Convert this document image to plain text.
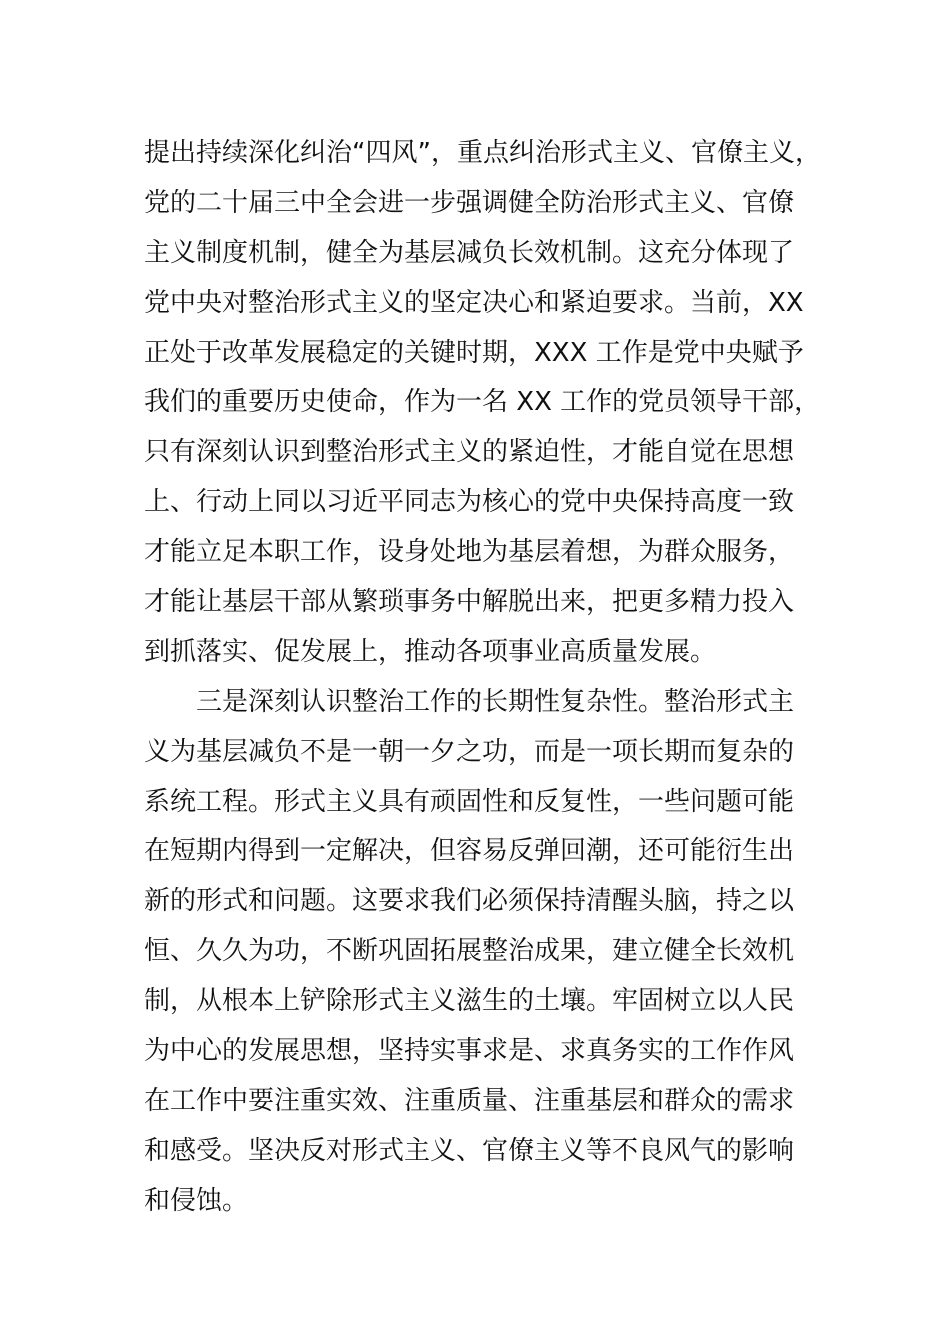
提出持续深化纠治“四风”，重点纠治形式主义、官僚主义，
党的二十届三中全会进一步强调健全防治形式主义、官僚
主义制度机制，健全为基层减负长效机制。这充分体现了
党中央对整治形式主义的坚定决心和紧迫要求。当前，XX
正处于改革发展稳定的关键时期，XXX 工作是党中央赋予
我们的重要历史使命，作为一名 XX 工作的党员领导干部，
只有深刻认识到整治形式主义的紧迫性，才能自觉在思想
上、行动上同以习近平同志为核心的党中央保持高度一致
才能立足本职工作，设身处地为基层着想，为群众服务，
才能让基层干部从繁琐事务中解脱出来，把更多精力投入
到抓落实、促发展上，推动各项事业高质量发展。
三是深刻认识整治工作的长期性复杂性。整治形式主
义为基层减负不是一朝一夕之功，而是一项长期而复杂的
系统工程。形式主义具有顽固性和反复性，一些问题可能
在短期内得到一定解决，但容易反弹回潮，还可能衍生出
新的形式和问题。这要求我们必须保持清醒头脑，持之以
恒、久久为功，不断巩固拓展整治成果，建立健全长效机
制，从根本上铲除形式主义滋生的土壤。牢固树立以人民
为中心的发展思想，坚持实事求是、求真务实的工作作风
在工作中要注重实效、注重质量、注重基层和群众的需求
和感受。坚决反对形式主义、官僚主义等不良风气的影响
和侵蚀。
